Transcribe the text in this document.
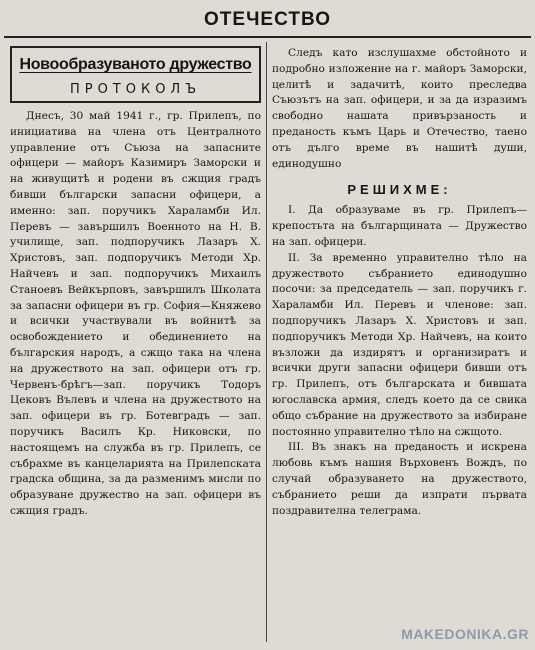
ОТЕЧЕСТВО
Новообразуваното дружество
ПРОТОКОЛЪ

Днесъ, 30 май 1941 г., гр. Прилепъ, по инициатива на члена отъ Централното управление отъ Съюза на запасните офицери — майоръ Казимиръ Заморски и на живущитѣ и родени въ сжщия градъ бивши български запасни офицери, а именно: зап. поручикъ Хараламби Ил. Перевъ — завършилъ Военното на Н. В. училище, зап. подпоручикъ Лазаръ Х. Христовъ, зап. подпоручикъ Методи Хр. Найчевъ и зап. подпоручикъ Михаилъ Станоевъ Вейкърповъ, завършилъ Школата за запасни офицери въ гр. София—Княжево и всички участвували въ войнитѣ за освобождението и обединението на българския народъ, а сжщо така на члена на дружеството на зап. офицери отъ гр. Червенъ-брѣгъ—зап. поручикъ Тодоръ Цековъ Вълевъ и члена на дружеството на зап. офицери въ гр. Ботевградъ — зап. поручикъ Василъ Кр. Никовски, по настоящемъ на служба въ гр. Прилепъ, се събрахме въ канцеларията на Прилепската градска община, за да разменимъ мисли по образуване дружество на зап. офицери въ сжщия градъ.

Следъ като изслушахме обстойното и подробно изложение на г. майоръ Заморски, целитѣ и задачитѣ, които преследва Съюзътъ на зап. офицери, и за да изразимъ свободно нашата привързаность и преданость къмъ Царь и Отечество, таено отъ дълго време въ нашитѣ души, единодушно

РЕШИХМЕ:

I. Да образуваме въ гр. Прилепъ—крепостьта на българщината — Дружество на зап. офицери.

II. За временно управително тѣло на дружеството събранието единодушно посочи: за председатель — зап. поручикъ г. Хараламби Ил. Перевъ и членове: зап. подпоручикъ Лазаръ Х. Христовъ и зап. подпоручикъ Методи Хр. Найчевъ, на които възложи да издирятъ и организиратъ и всички други запасни офицери бивши отъ гр. Прилепъ, отъ българската и бившата югославска армия, следъ което да се свика общо събрание на дружеството за избиране постоянно управително тѣло на сжщото.

III. Въ знакъ на преданость и искрена любовь къмъ нашия Върховенъ Вождъ, по случай образуването на дружеството, събранието реши да изпрати първата поздравителна телеграма.

MAKEDONIKA.GR
